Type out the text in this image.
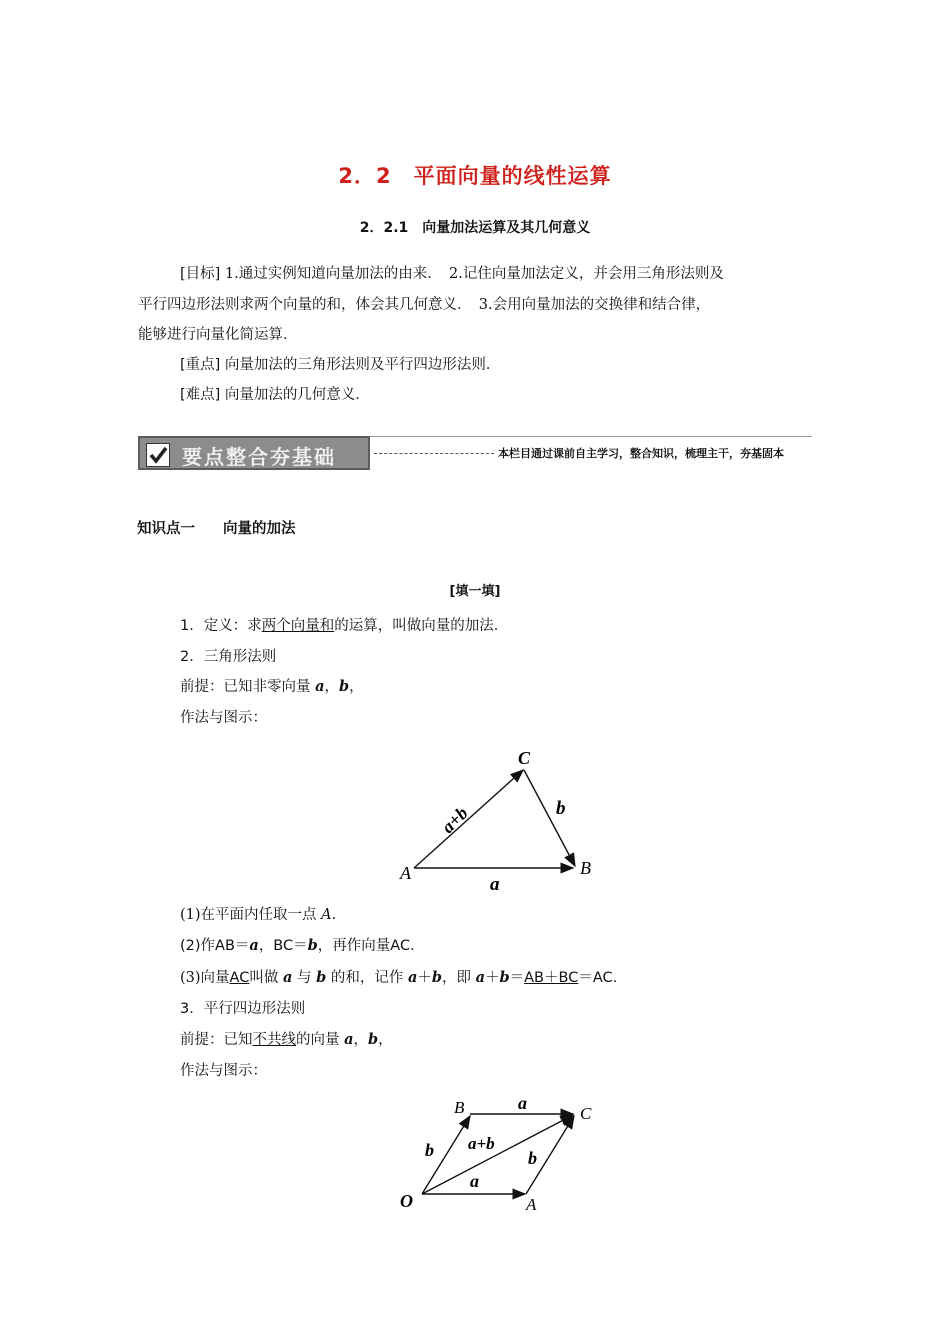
2．2　平面向量的线性运算
2．2.1　向量加法运算及其几何意义
[目标] 1.通过实例知道向量加法的由来．　2.记住向量加法定义，并会用三角形法则及
平行四边形法则求两个向量的和，体会其几何意义．　3.会用向量加法的交换律和结合律，
能够进行向量化简运算．
[重点] 向量加法的三角形法则及平行四边形法则．
[难点] 向量加法的几何意义．
要点整合夯基础	本栏目通过课前自主学习，整合知识，梳理主干，夯基固本
知识点一 向量的加法
[填一填]
1．定义：求两个向量和的运算，叫做向量的加法．
2．三角形法则
前提：已知非零向量 a，b，
作法与图示：
A	B
C
a
b
a+b
(1)在平面内任取一点 A.
(2)作AB＝a，BC＝b，再作向量AC．
(3)向量AC叫做 a 与 b 的和，记作 a＋b，即 a＋b＝AB＋BC＝AC.
3．平行四边形法则
前提：已知不共线的向量 a，b，
作法与图示：
O	A
B	C
a
a
b	b
a+b
